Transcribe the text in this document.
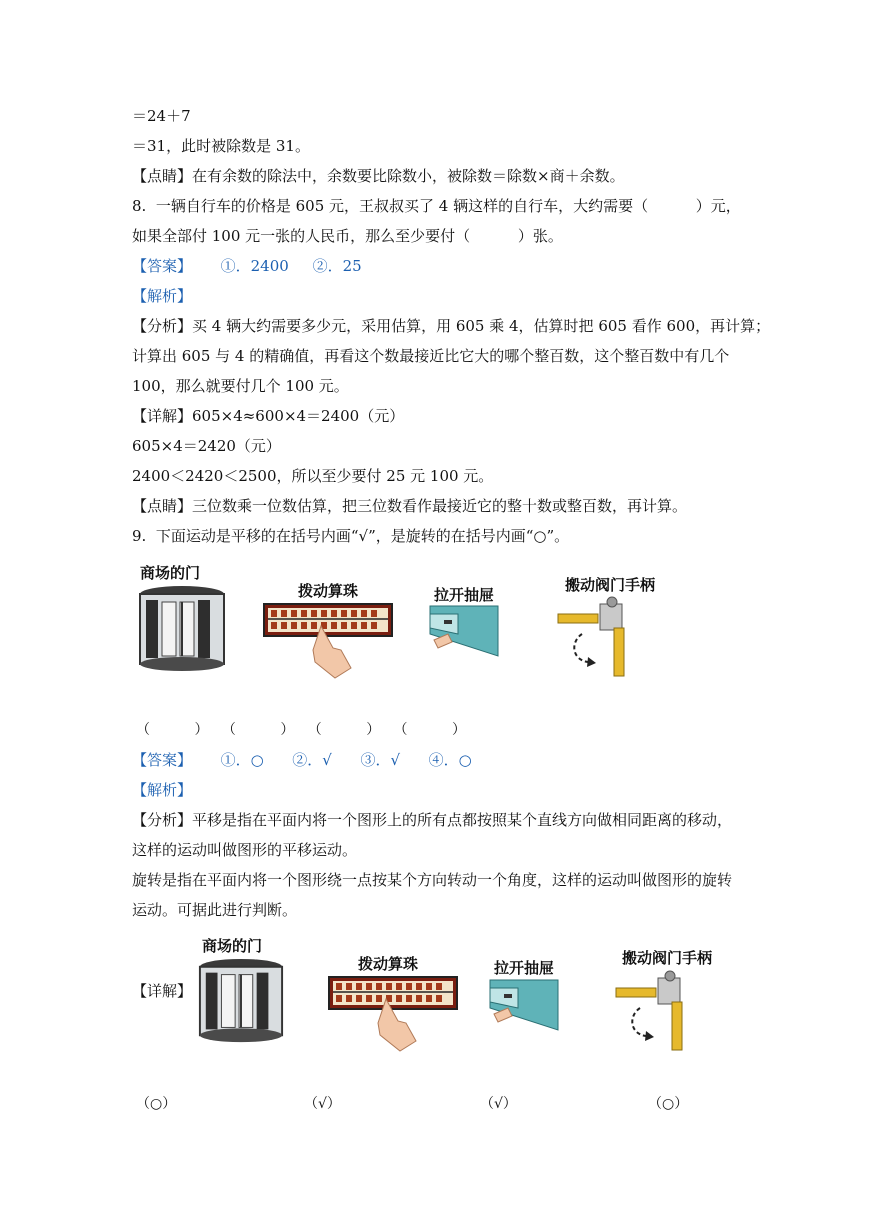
＝24＋7
＝31，此时被除数是 31。
【点睛】在有余数的除法中，余数要比除数小，被除数＝除数×商＋余数。
8.  一辆自行车的价格是 605 元，王叔叔买了 4 辆这样的自行车，大约需要（          ）元，
如果全部付 100 元一张的人民币，那么至少要付（          ）张。
【答案】      ①．2400     ②．25
【解析】
【分析】买 4 辆大约需要多少元，采用估算，用 605 乘 4，估算时把 605 看作 600，再计算；
计算出 605 与 4 的精确值，再看这个数最接近比它大的哪个整百数，这个整百数中有几个
100，那么就要付几个 100 元。
【详解】605×4≈600×4＝2400（元）
605×4＝2420（元）
2400＜2420＜2500，所以至少要付 25 元 100 元。
【点睛】三位数乘一位数估算，把三位数看作最接近它的整十数或整百数，再计算。
9.  下面运动是平移的在括号内画“√”，是旋转的在括号内画“○”。
商场的门
拨动算珠	拉开抽屉
搬动阀门手柄
（          ）   （          ）   （          ）   （          ）
【答案】      ①．○      ②．√      ③．√      ④．○
【解析】
【分析】平移是指在平面内将一个图形上的所有点都按照某个直线方向做相同距离的移动，
这样的运动叫做图形的平移运动。
旋转是指在平面内将一个图形绕一点按某个方向转动一个角度，这样的运动叫做图形的旋转
运动。可据此进行判断。
【详解】
商场的门
拨动算珠	拉开抽屉
搬动阀门手柄
（○）	（√）	（√）	（○）
